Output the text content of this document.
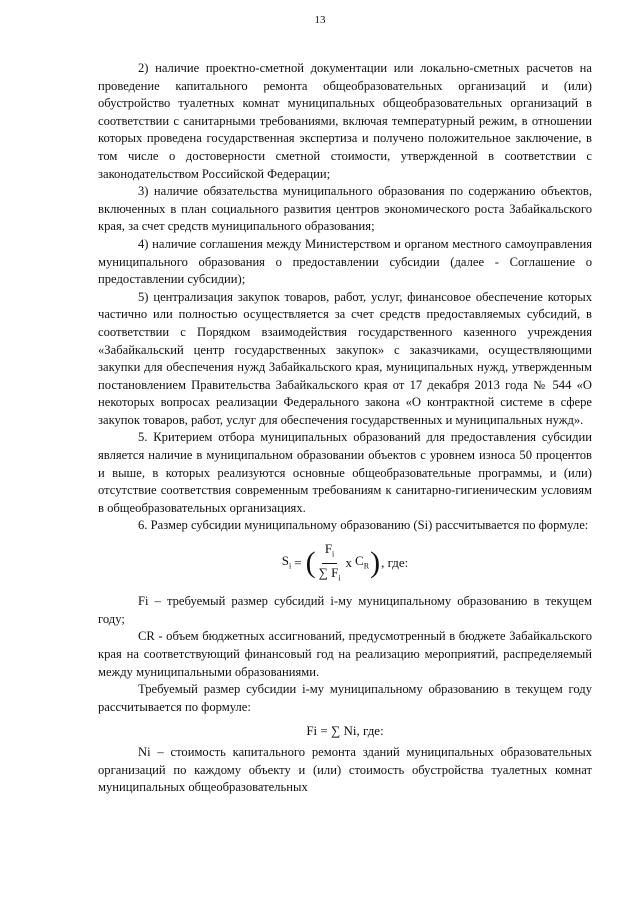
13

2) наличие проектно-сметной документации или локально-сметных расчетов на проведение капитального ремонта общеобразовательных организаций и (или) обустройство туалетных комнат муниципальных общеобразовательных организаций в соответствии с санитарными требованиями, включая температурный режим, в отношении которых проведена государственная экспертиза и получено положительное заключение, в том числе о достоверности сметной стоимости, утвержденной в соответствии с законодательством Российской Федерации;

3) наличие обязательства муниципального образования по содержанию объектов, включенных в план социального развития центров экономического роста Забайкальского края, за счет средств муниципального образования;

4) наличие соглашения между Министерством и органом местного самоуправления муниципального образования о предоставлении субсидии (далее - Соглашение о предоставлении субсидии);

5) централизация закупок товаров, работ, услуг, финансовое обеспечение которых частично или полностью осуществляется за счет средств предоставляемых субсидий, в соответствии с Порядком взаимодействия государственного казенного учреждения «Забайкальский центр государственных закупок» с заказчиками, осуществляющими закупки для обеспечения нужд Забайкальского края, муниципальных нужд, утвержденным постановлением Правительства Забайкальского края от 17 декабря 2013 года № 544 «О некоторых вопросах реализации Федерального закона «О контрактной системе в сфере закупок товаров, работ, услуг для обеспечения государственных и муниципальных нужд».

5. Критерием отбора муниципальных образований для предоставления субсидии является наличие в муниципальном образовании объектов с уровнем износа 50 процентов и выше, в которых реализуются основные общеобразовательные программы, и (или) отсутствие соответствия современным требованиям к санитарно-гигиеническим условиям в общеобразовательных организациях.

6. Размер субсидии муниципальному образованию (Si) рассчитывается по формуле:

$S_i$ = ( $\frac{F_i}{\sum F_i}$ x $C_R$ ) , где:

Fi – требуемый размер субсидий i-му муниципальному образованию в текущем году;

CR - объем бюджетных ассигнований, предусмотренный в бюджете Забайкальского края на соответствующий финансовый год на реализацию мероприятий, распределяемый между муниципальными образованиями.

Требуемый размер субсидии i-му муниципальному образованию в текущем году рассчитывается по формуле:

Fi = ∑ Ni, где:

Ni – стоимость капитального ремонта зданий муниципальных образовательных организаций по каждому объекту и (или) стоимость обустройства туалетных комнат муниципальных общеобразовательных
